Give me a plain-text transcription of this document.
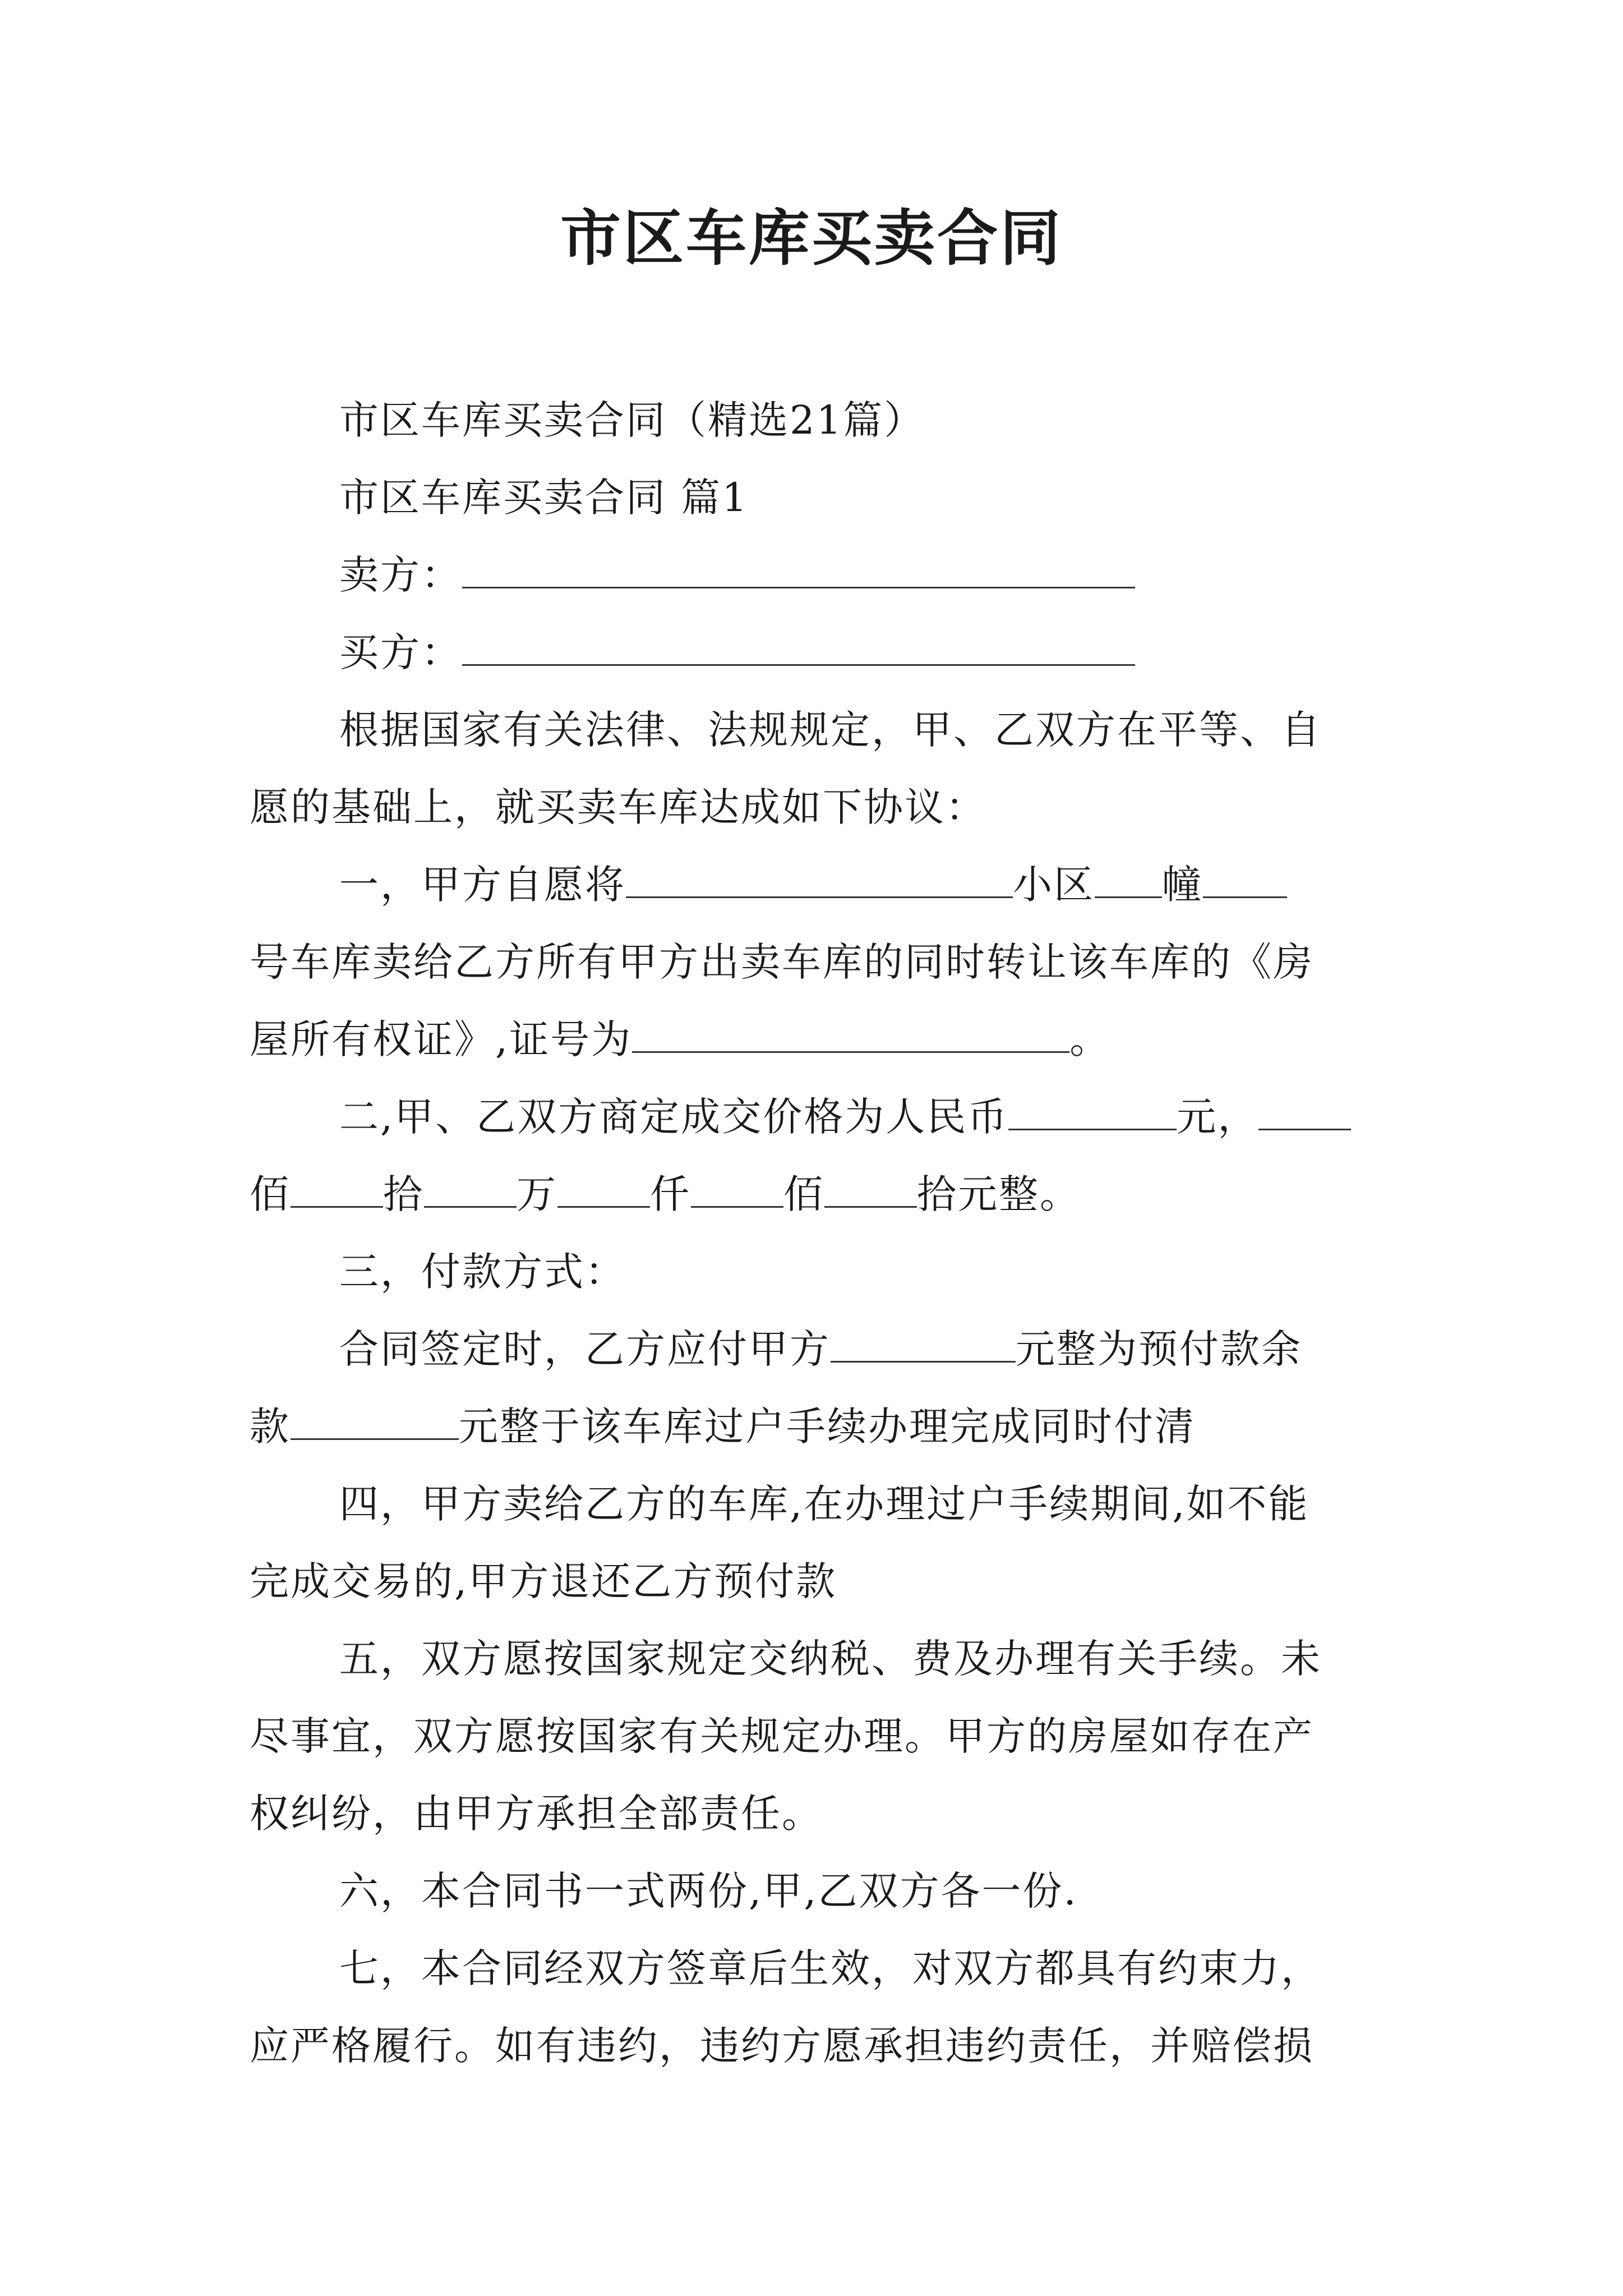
市区车库买卖合同

市区车库买卖合同（精选21篇）

市区车库买卖合同 篇1

卖方：

买方：

根据国家有关法律、法规规定，甲、乙双方在平等、自

愿的基础上，就买卖车库达成如下协议：

一，甲方自愿将	小区 幢

号车库卖给乙方所有甲方出卖车库的同时转让该车库的《房

屋所有权证》,证号为	。

二,甲、乙双方商定成交价格为人民币	元，

佰 拾 万 仟 佰 拾元整。

三，付款方式：

合同签定时，乙方应付甲方	元整为预付款余

款	元整于该车库过户手续办理完成同时付清

四，甲方卖给乙方的车库,在办理过户手续期间,如不能

完成交易的,甲方退还乙方预付款

五，双方愿按国家规定交纳税、费及办理有关手续。未

尽事宜，双方愿按国家有关规定办理。甲方的房屋如存在产

权纠纷，由甲方承担全部责任。

六，本合同书一式两份,甲,乙双方各一份.

七，本合同经双方签章后生效，对双方都具有约束力，

应严格履行。如有违约，违约方愿承担违约责任，并赔偿损
